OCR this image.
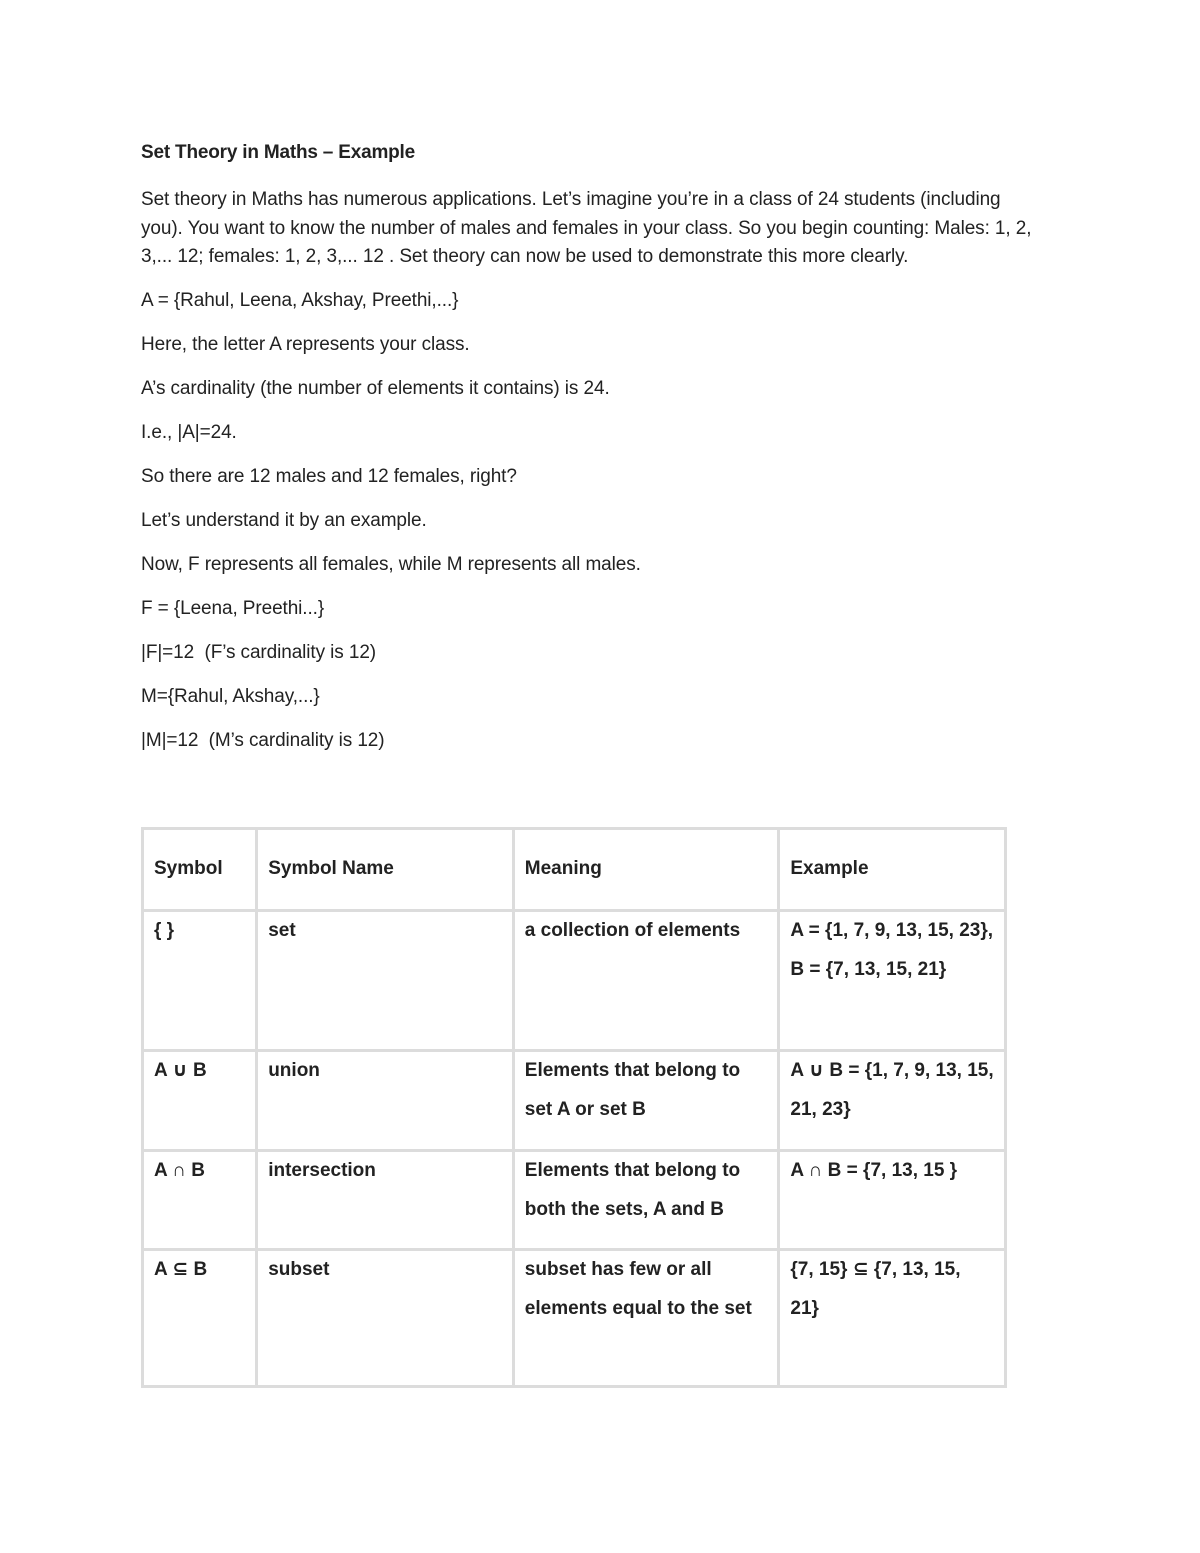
Set Theory in Maths – Example
Set theory in Maths has numerous applications. Let’s imagine you’re in a class of 24 students (including you). You want to know the number of males and females in your class. So you begin counting: Males: 1, 2, 3,... 12; females: 1, 2, 3,... 12 . Set theory can now be used to demonstrate this more clearly.
A = {Rahul, Leena, Akshay, Preethi,...}
Here, the letter A represents your class.
A’s cardinality (the number of elements it contains) is 24.
I.e., |A|=24.
So there are 12 males and 12 females, right?
Let’s understand it by an example.
Now, F represents all females, while M represents all males.
F = {Leena, Preethi...}
|F|=12  (F’s cardinality is 12)
M={Rahul, Akshay,...}
|M|=12  (M’s cardinality is 12)
Symbol	Symbol Name	Meaning	Example
{ }	set	a collection of elements	A = {1, 7, 9, 13, 15, 23},
B = {7, 13, 15, 21}

A ∪ B	union	Elements that belong to set A or set B	A ∪ B = {1, 7, 9, 13, 15, 21, 23}

A ∩ B	intersection	Elements that belong to both the sets, A and B	A ∩ B = {7, 13, 15 }

A ⊆ B	subset	subset has few or all elements equal to the set	{7, 15} ⊆ {7, 13, 15, 21}
